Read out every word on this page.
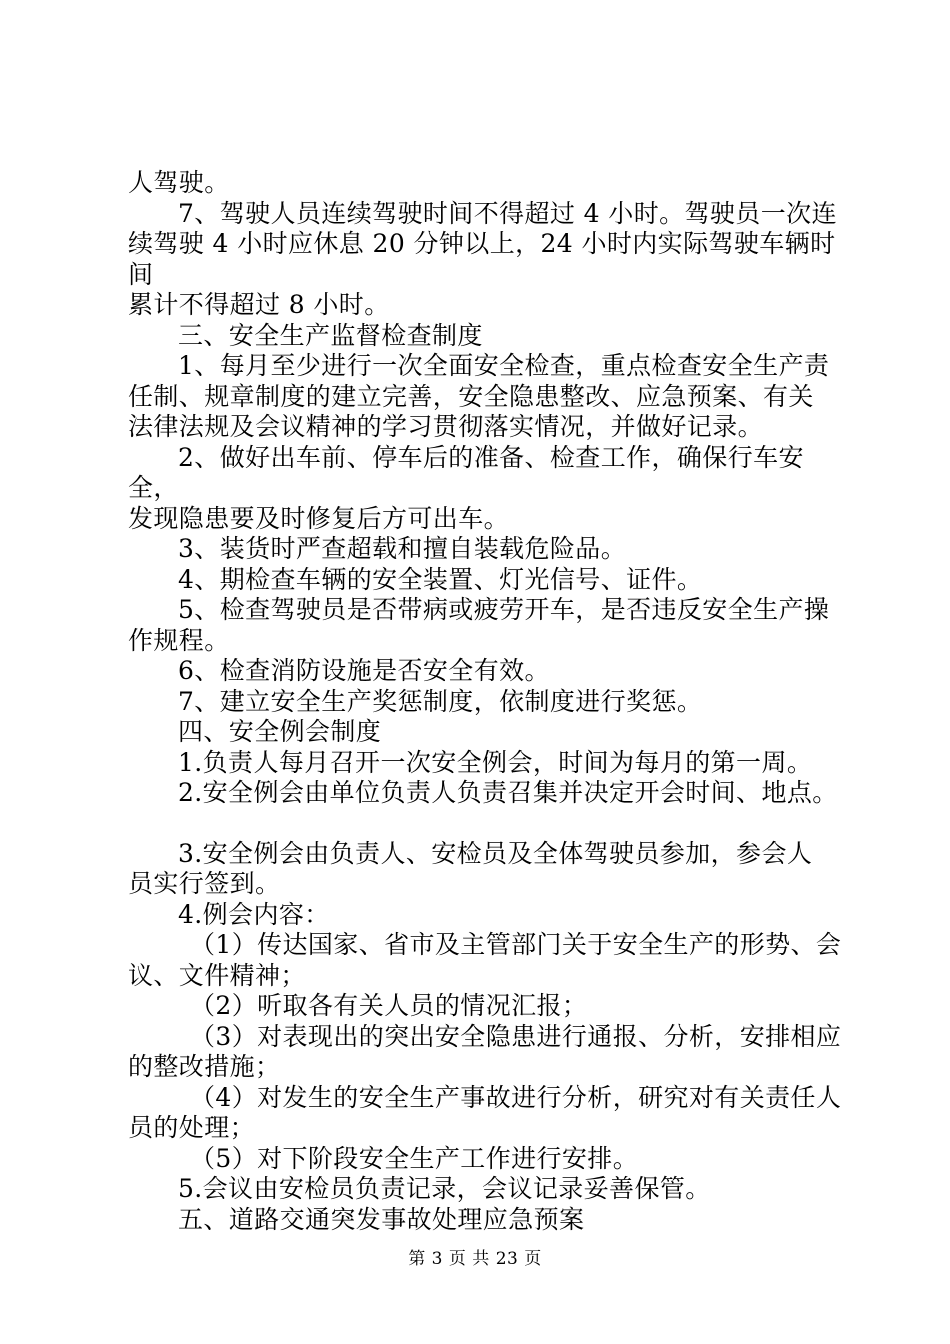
人驾驶。

7、驾驶人员连续驾驶时间不得超过 4 小时。驾驶员一次连

续驾驶 4 小时应休息 20 分钟以上，24 小时内实际驾驶车辆时间

累计不得超过 8 小时。

三、安全生产监督检查制度

1、每月至少进行一次全面安全检查，重点检查安全生产责

任制、规章制度的建立完善，安全隐患整改、应急预案、有关

法律法规及会议精神的学习贯彻落实情况，并做好记录。

2、做好出车前、停车后的准备、检查工作，确保行车安全，

发现隐患要及时修复后方可出车。

3、装货时严查超载和擅自装载危险品。

4、期检查车辆的安全装置、灯光信号、证件。

5、检查驾驶员是否带病或疲劳开车，是否违反安全生产操

作规程。

6、检查消防设施是否安全有效。

7、建立安全生产奖惩制度，依制度进行奖惩。

四、安全例会制度

1.负责人每月召开一次安全例会，时间为每月的第一周。

2.安全例会由单位负责人负责召集并决定开会时间、地点。

3.安全例会由负责人、安检员及全体驾驶员参加，参会人

员实行签到。

4.例会内容：

（1）传达国家、省市及主管部门关于安全生产的形势、会

议、文件精神；

（2）听取各有关人员的情况汇报；

（3）对表现出的突出安全隐患进行通报、分析，安排相应

的整改措施；

（4）对发生的安全生产事故进行分析，研究对有关责任人

员的处理；

（5）对下阶段安全生产工作进行安排。

5.会议由安检员负责记录，会议记录妥善保管。

五、道路交通突发事故处理应急预案

第 3 页 共 23 页
